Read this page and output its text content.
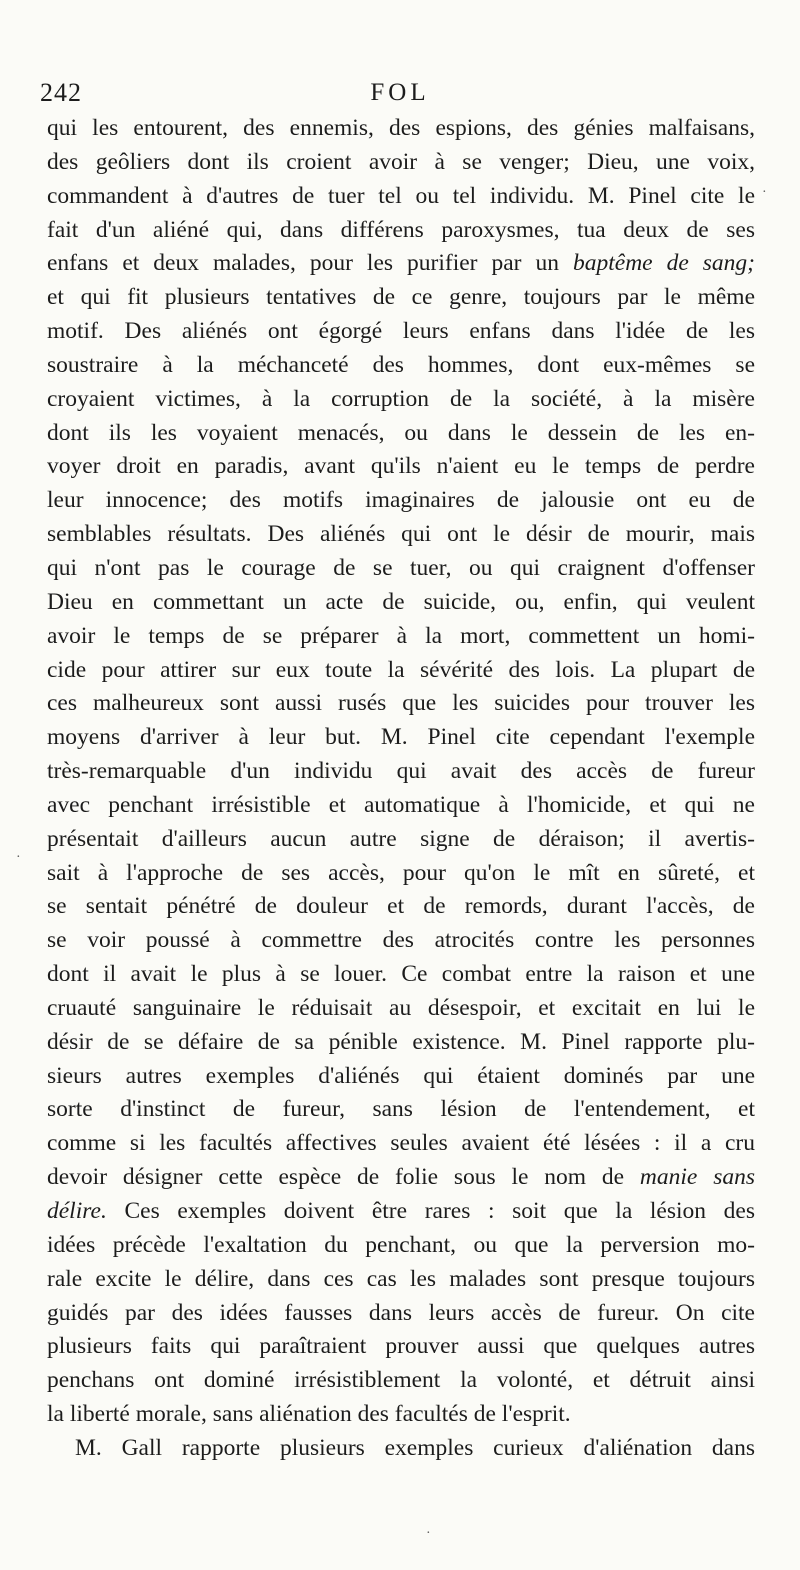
242	FOL
qui les entourent, des ennemis, des espions, des génies malfaisans,
des geôliers dont ils croient avoir à se venger; Dieu, une voix,
commandent à d'autres de tuer tel ou tel individu. M. Pinel cite le
fait d'un aliéné qui, dans différens paroxysmes, tua deux de ses
enfans et deux malades, pour les purifier par un baptême de sang;
et qui fit plusieurs tentatives de ce genre, toujours par le même
motif. Des aliénés ont égorgé leurs enfans dans l'idée de les
soustraire à la méchanceté des hommes, dont eux-mêmes se
croyaient victimes, à la corruption de la société, à la misère
dont ils les voyaient menacés, ou dans le dessein de les en-
voyer droit en paradis, avant qu'ils n'aient eu le temps de perdre
leur innocence; des motifs imaginaires de jalousie ont eu de
semblables résultats. Des aliénés qui ont le désir de mourir, mais
qui n'ont pas le courage de se tuer, ou qui craignent d'offenser
Dieu en commettant un acte de suicide, ou, enfin, qui veulent
avoir le temps de se préparer à la mort, commettent un homi-
cide pour attirer sur eux toute la sévérité des lois. La plupart de
ces malheureux sont aussi rusés que les suicides pour trouver les
moyens d'arriver à leur but. M. Pinel cite cependant l'exemple
très-remarquable d'un individu qui avait des accès de fureur
avec penchant irrésistible et automatique à l'homicide, et qui ne
présentait d'ailleurs aucun autre signe de déraison; il avertis-
sait à l'approche de ses accès, pour qu'on le mît en sûreté, et
se sentait pénétré de douleur et de remords, durant l'accès, de
se voir poussé à commettre des atrocités contre les personnes
dont il avait le plus à se louer. Ce combat entre la raison et une
cruauté sanguinaire le réduisait au désespoir, et excitait en lui le
désir de se défaire de sa pénible existence. M. Pinel rapporte plu-
sieurs autres exemples d'aliénés qui étaient dominés par une
sorte d'instinct de fureur, sans lésion de l'entendement, et
comme si les facultés affectives seules avaient été lésées : il a cru
devoir désigner cette espèce de folie sous le nom de manie sans
délire. Ces exemples doivent être rares : soit que la lésion des
idées précède l'exaltation du penchant, ou que la perversion mo-
rale excite le délire, dans ces cas les malades sont presque toujours
guidés par des idées fausses dans leurs accès de fureur. On cite
plusieurs faits qui paraîtraient prouver aussi que quelques autres
penchans ont dominé irrésistiblement la volonté, et détruit ainsi
la liberté morale, sans aliénation des facultés de l'esprit.
M. Gall rapporte plusieurs exemples curieux d'aliénation dans
·
·
·
